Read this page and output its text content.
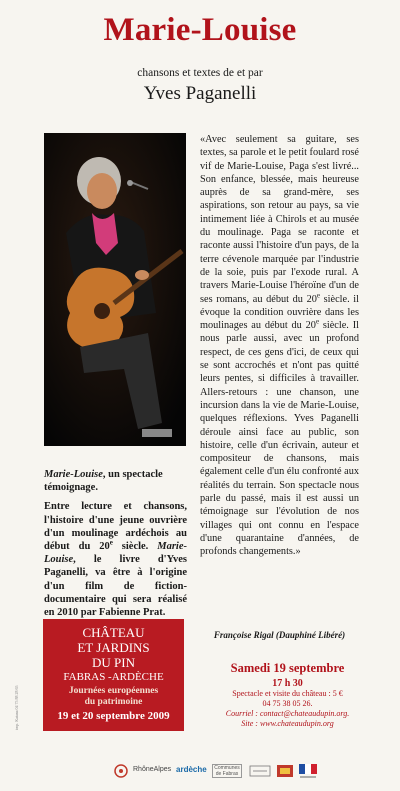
Marie-Louise
chansons et textes de et par
Yves Paganelli
«Avec seulement sa guitare, ses textes, sa parole et le petit foulard rosé vif de Marie-Louise, Paga s'est livré... Son enfance, blessée, mais heureuse auprès de sa grand-mère, ses aspirations, son retour au pays, sa vie intimement liée à Chirols et au musée du moulinage. Paga se raconte et raconte aussi l'histoire d'un pays, de la terre cévenole marquée par l'industrie de la soie, puis par l'exode rural. A travers Marie-Louise l'héroïne d'un de ses romans, au début du 20e siècle. il évoque la condition ouvrière dans les moulinages au début du 20e siècle. Il nous parle aussi, avec un profond respect, de ces gens d'ici, de ceux qui se sont accrochés et n'ont pas quitté leurs pentes, si difficiles à travailler. Allers-retours : une chanson, une incursion dans la vie de Marie-Louise, quelques réflexions. Yves Paganelli déroule ainsi face au public, son histoire, celle d'un écrivain, auteur et compositeur de chansons, mais également celle d'un élu confronté aux réalités du terrain. Son spectacle nous parle du passé, mais il est aussi un témoignage sur l'évolution de nos villages qui ont connu en l'espace d'une quarantaine d'années, de profonds changements.»
Françoise Rigal (Dauphiné Libéré)

Marie-Louise, un spectacle témoignage.

Entre lecture et chansons, l'histoire d'une jeune ouvrière d'un moulinage ardéchois au début du 20e siècle. Marie-Louise, le livre d'Yves Paganelli, va être à l'origine d'un film de fiction-documentaire qui sera réalisé en 2010 par Fabienne Prat.

imp. Katana 04 75 88 28 65
CHÂTEAU
ET JARDINS
DU PIN
FABRAS -ARDÈCHE
Journées européennes
du patrimoine
19 et 20 septembre 2009
Samedi 19 septembre
17 h 30
Spectacle et visite du château : 5 €
04 75 38 05 26.
Courriel : contact@chateaudupin.org.
Site : www.chateaudupin.org
RhôneAlpes ardèche	Communes de Fabras
